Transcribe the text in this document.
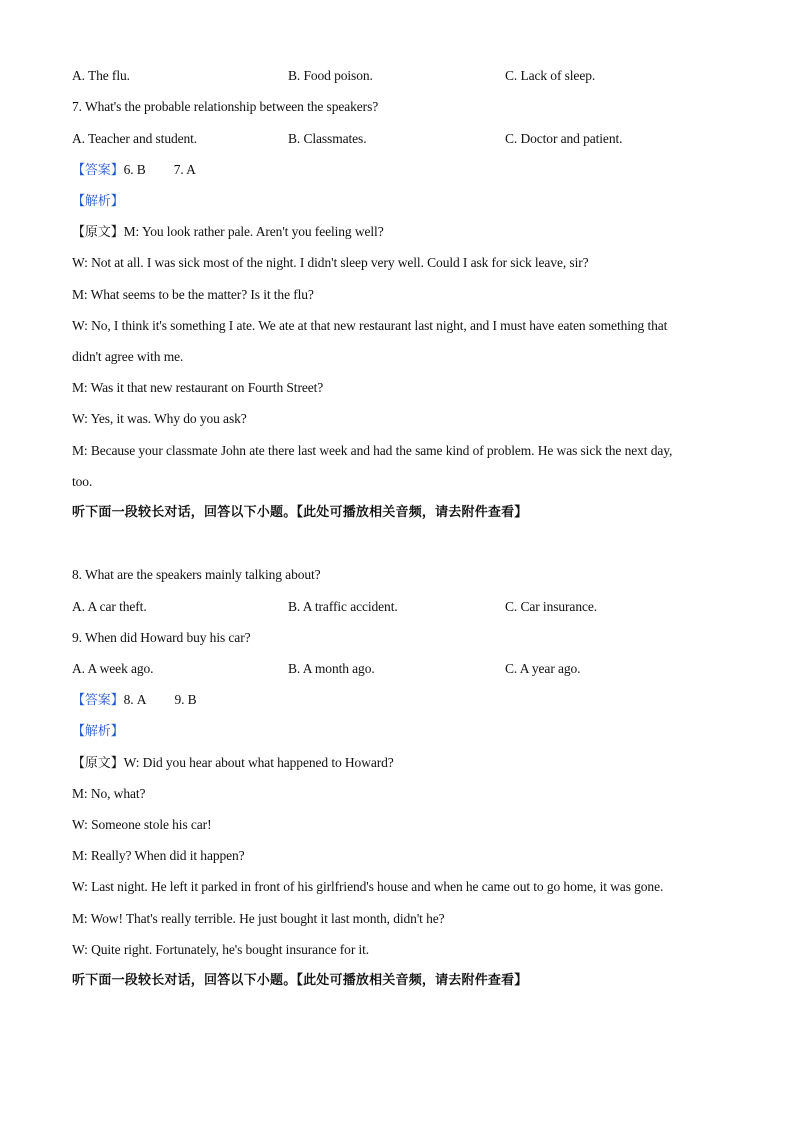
A. The flu.	B. Food poison.	C. Lack of sleep.
7. What's the probable relationship between the speakers?
A. Teacher and student.	B. Classmates.	C. Doctor and patient.
【答案】6. B 7. A
【解析】
【原文】M: You look rather pale. Aren't you feeling well?
W: Not at all. I was sick most of the night. I didn't sleep very well. Could I ask for sick leave, sir?
M: What seems to be the matter? Is it the flu?
W: No, I think it's something I ate. We ate at that new restaurant last night, and I must have eaten something that
didn't agree with me.
M: Was it that new restaurant on Fourth Street?
W: Yes, it was. Why do you ask?
M: Because your classmate John ate there last week and had the same kind of problem. He was sick the next day,
too.
听下面一段较长对话，回答以下小题。【此处可播放相关音频，请去附件查看】
8. What are the speakers mainly talking about?
A. A car theft.	B. A traffic accident.	C. Car insurance.
9. When did Howard buy his car?
A. A week ago.	B. A month ago.	C. A year ago.
【答案】8. A 9. B
【解析】
【原文】W: Did you hear about what happened to Howard?
M: No, what?
W: Someone stole his car!
M: Really? When did it happen?
W: Last night. He left it parked in front of his girlfriend's house and when he came out to go home, it was gone.
M: Wow! That's really terrible. He just bought it last month, didn't he?
W: Quite right. Fortunately, he's bought insurance for it.
听下面一段较长对话，回答以下小题。【此处可播放相关音频，请去附件查看】
